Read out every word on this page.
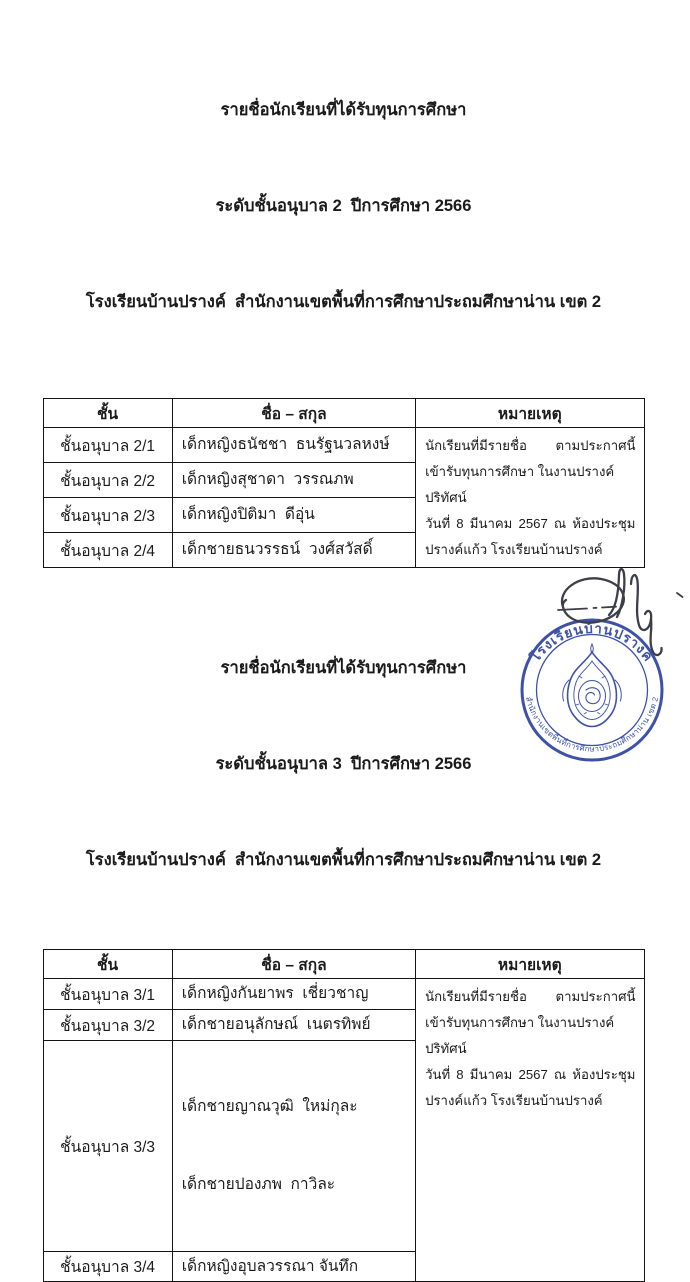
รายชื่อนักเรียนที่ได้รับทุนการศึกษา

ระดับชั้นอนุบาล 2  ปีการศึกษา 2566

โรงเรียนบ้านปรางค์  สำนักงานเขตพื้นที่การศึกษาประถมศึกษาน่าน เขต 2

ชั้น	ชื่อ – สกุล	หมายเหตุ
ชั้นอนุบาล 2/1	เด็กหญิงธนัชชา  ธนรัฐนวลหงษ์	นักเรียนที่มีรายชื่อ ตามประกาศนี้
เข้ารับทุนการศึกษา ในงานปรางค์ปริทัศน์
วันที่ 8 มีนาคม 2567 ณ ห้องประชุม
ปรางค์แก้ว โรงเรียนบ้านปรางค์

ชั้นอนุบาล 2/2	เด็กหญิงสุชาดา  วรรณภพ	
ชั้นอนุบาล 2/3	เด็กหญิงปิติมา  ดีอุ่น	
ชั้นอนุบาล 2/4	เด็กชายธนวรรธน์  วงศ์สวัสดิ์	

รายชื่อนักเรียนที่ได้รับทุนการศึกษา

ระดับชั้นอนุบาล 3  ปีการศึกษา 2566

โรงเรียนบ้านปรางค์  สำนักงานเขตพื้นที่การศึกษาประถมศึกษาน่าน เขต 2

ชั้น	ชื่อ – สกุล	หมายเหตุ
ชั้นอนุบาล 3/1	เด็กหญิงกันยาพร  เชี่ยวชาญ	นักเรียนที่มีรายชื่อ ตามประกาศนี้
เข้ารับทุนการศึกษา ในงานปรางค์ปริทัศน์
วันที่ 8 มีนาคม 2567 ณ ห้องประชุม
ปรางค์แก้ว โรงเรียนบ้านปรางค์

ชั้นอนุบาล 3/2	เด็กชายอนุลักษณ์  เนตรทิพย์	
ชั้นอนุบาล 3/3	เด็กชายญาณวุฒิ  ใหม่กุละ

เด็กชายปองภพ  กาวิละ	

ชั้นอนุบาล 3/4	เด็กหญิงอุบลวรรณา จันทึก	
โรงเรียนบ้านปรางค์
สำนักงานเขตพื้นที่การศึกษาประถมศึกษาน่าน เขต 2
